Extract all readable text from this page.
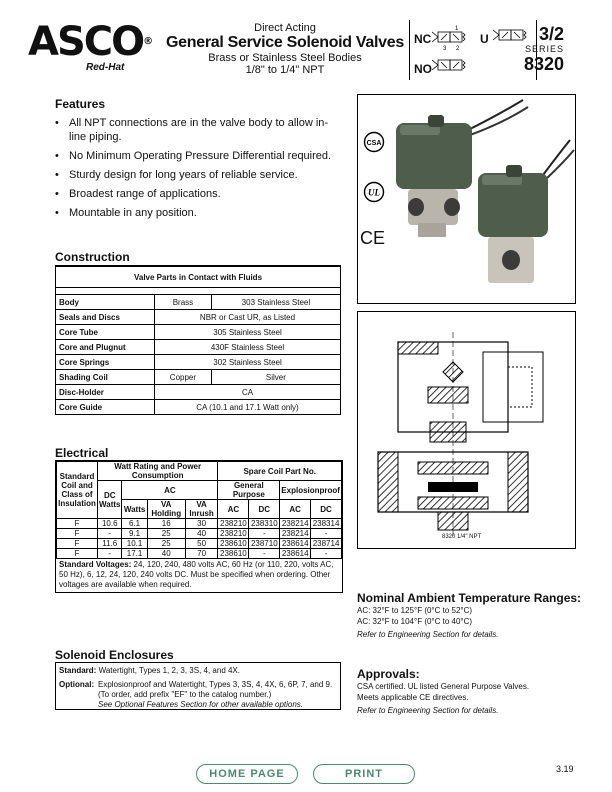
ASCO®
Red-Hat
Direct Acting
General Service Solenoid Valves
Brass or Stainless Steel Bodies
1/8" to 1/4" NPT
NC	U
NO
1
2
3
3/2
SERIES
8320
Features
• All NPT connections are in the valve body to allow in-line piping.
• No Minimum Operating Pressure Differential required.
• Sturdy design for long years of reliable service.
• Broadest range of applications.
• Mountable in any position.
CSA
UL
CE
Construction
Valve Parts in Contact with Fluids		

Body	Brass	303 Stainless Steel
Seals and Discs	NBR or Cast UR, as Listed	
Core Tube	305 Stainless Steel	
Core and Plugnut	430F Stainless Steel	
Core Springs	302 Stainless Steel	
Shading Coil	Copper	Silver
Disc-Holder	CA	
Core Guide	CA (10.1 and 17.1 Watt only)	
8320 1/4" NPT
Electrical
Standard
Coil and
Class of
Insulation	Watt Rating and Power Consumption				Spare Coil Part No.			

	DC Watts	AC			General Purpose		Explosionproof	
		Watts	VA Holding	VA Inrush	AC	DC	AC	DC
F	10.6	6.1	16	30	238210	238310	238214	238314
F	-	9.1	25	40	238210	-	238214	-
F	11.6	10.1	25	50	238610	238710	238614	238714
F	-	17.1	40	70	238610	-	238614	-
Standard Voltages: 24, 120, 240, 480 volts AC, 60 Hz (or 110, 220, volts AC, 50 Hz), 6, 12, 24, 120, 240 volts DC. Must be specified when ordering. Other voltages are available when required.
Nominal Ambient Temperature Ranges:
AC: 32°F to 125°F (0°C to 52°C)
AC: 32°F to 104°F (0°C to 40°C)
Refer to Engineering Section for details.
Solenoid Enclosures
Standard: Watertight, Types 1, 2, 3, 3S, 4, and 4X.
Optional: Explosionproof and Watertight, Types 3, 3S, 4, 4X, 6, 6P, 7, and 9.
(To order, add prefix "EF" to the catalog number.)
See Optional Features Section for other available options.
Approvals:
CSA certified. UL listed General Purpose Valves.
Meets applicable CE directives.
Refer to Engineering Section for details.
HOME PAGE	PRINT	3.19
